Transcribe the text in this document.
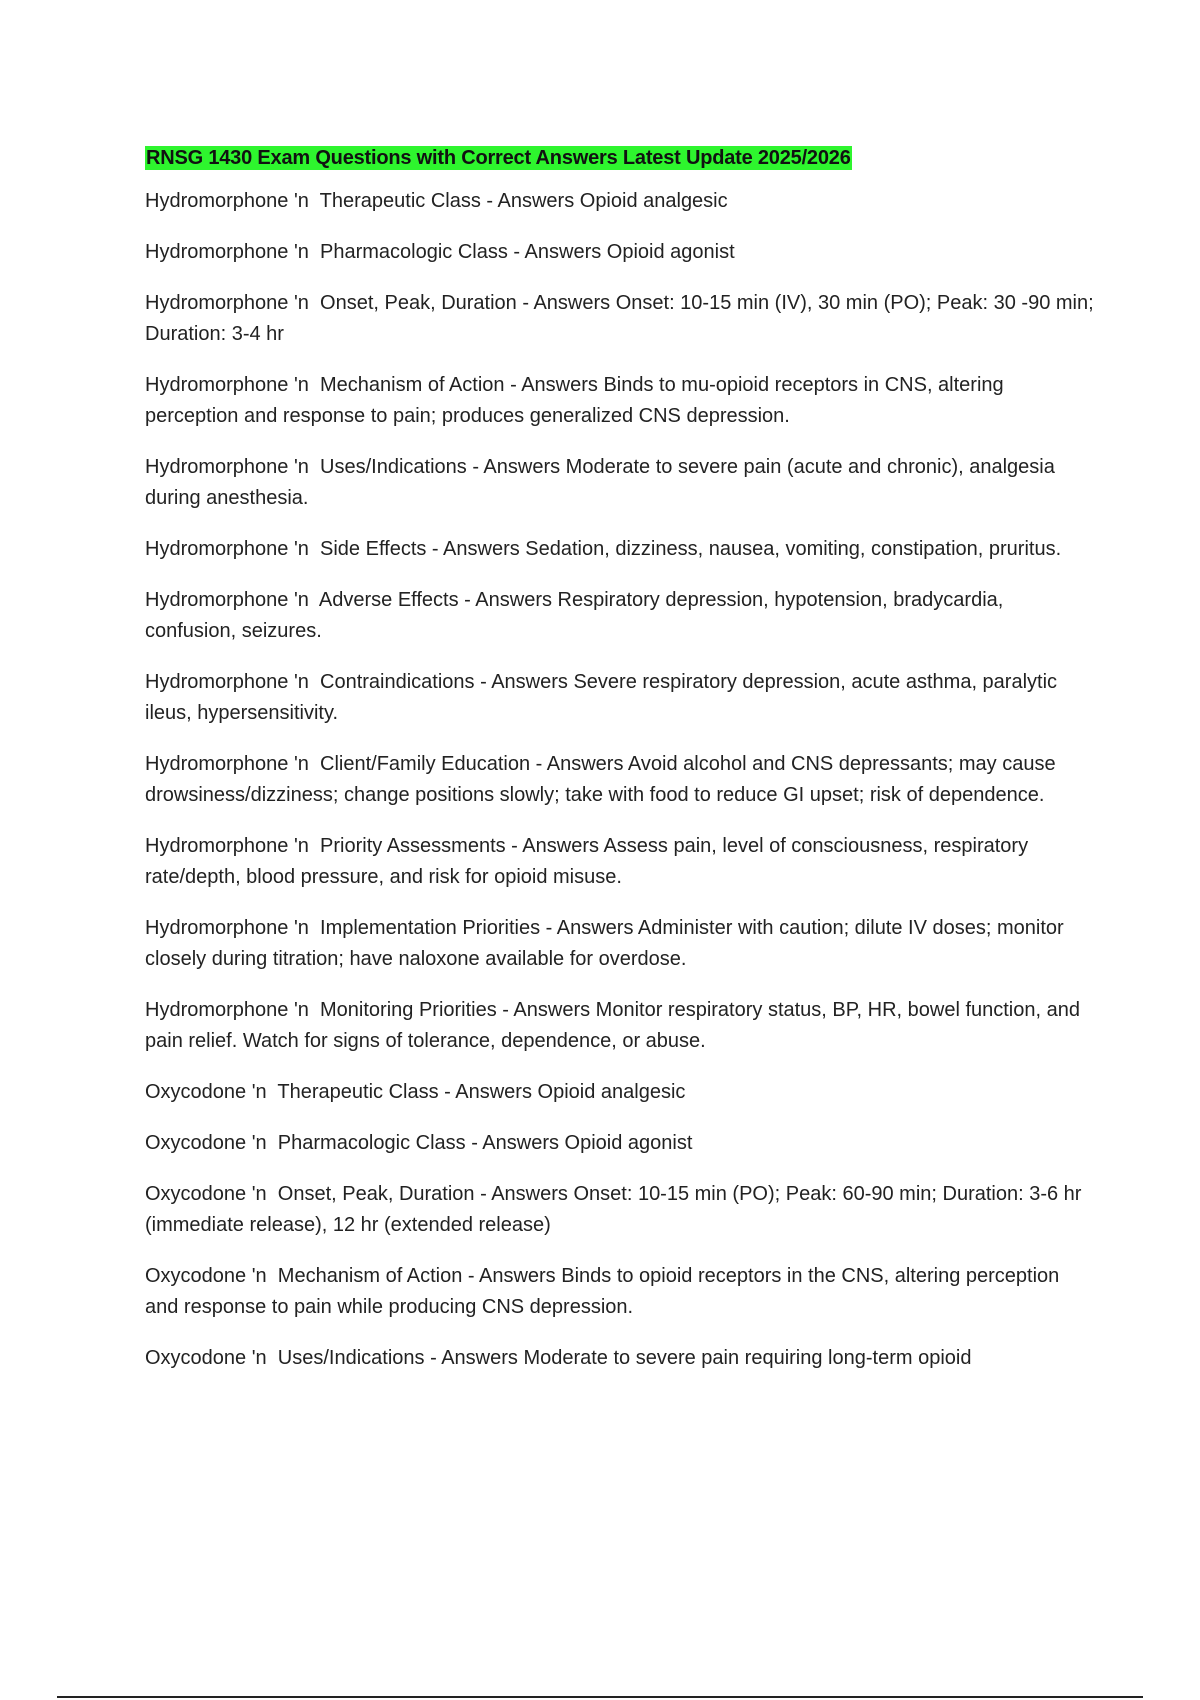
RNSG 1430 Exam Questions with Correct Answers Latest Update 2025/2026
Hydromorphone 'n  Therapeutic Class - Answers Opioid analgesic
Hydromorphone 'n  Pharmacologic Class - Answers Opioid agonist
Hydromorphone 'n  Onset, Peak, Duration - Answers Onset: 10-15 min (IV), 30 min (PO); Peak: 30 -90 min; Duration: 3-4 hr
Hydromorphone 'n  Mechanism of Action - Answers Binds to mu-opioid receptors in CNS, altering perception and response to pain; produces generalized CNS depression.
Hydromorphone 'n  Uses/Indications - Answers Moderate to severe pain (acute and chronic), analgesia during anesthesia.
Hydromorphone 'n  Side Effects - Answers Sedation, dizziness, nausea, vomiting, constipation, pruritus.
Hydromorphone 'n  Adverse Effects - Answers Respiratory depression, hypotension, bradycardia, confusion, seizures.
Hydromorphone 'n  Contraindications - Answers Severe respiratory depression, acute asthma, paralytic ileus, hypersensitivity.
Hydromorphone 'n  Client/Family Education - Answers Avoid alcohol and CNS depressants; may cause drowsiness/dizziness; change positions slowly; take with food to reduce GI upset; risk of dependence.
Hydromorphone 'n  Priority Assessments - Answers Assess pain, level of consciousness, respiratory rate/depth, blood pressure, and risk for opioid misuse.
Hydromorphone 'n  Implementation Priorities - Answers Administer with caution; dilute IV doses; monitor closely during titration; have naloxone available for overdose.
Hydromorphone 'n  Monitoring Priorities - Answers Monitor respiratory status, BP, HR, bowel function, and pain relief. Watch for signs of tolerance, dependence, or abuse.
Oxycodone 'n  Therapeutic Class - Answers Opioid analgesic
Oxycodone 'n  Pharmacologic Class - Answers Opioid agonist
Oxycodone 'n  Onset, Peak, Duration - Answers Onset: 10-15 min (PO); Peak: 60-90 min; Duration: 3-6 hr (immediate release), 12 hr (extended release)
Oxycodone 'n  Mechanism of Action - Answers Binds to opioid receptors in the CNS, altering perception and response to pain while producing CNS depression.
Oxycodone 'n  Uses/Indications - Answers Moderate to severe pain requiring long-term opioid
